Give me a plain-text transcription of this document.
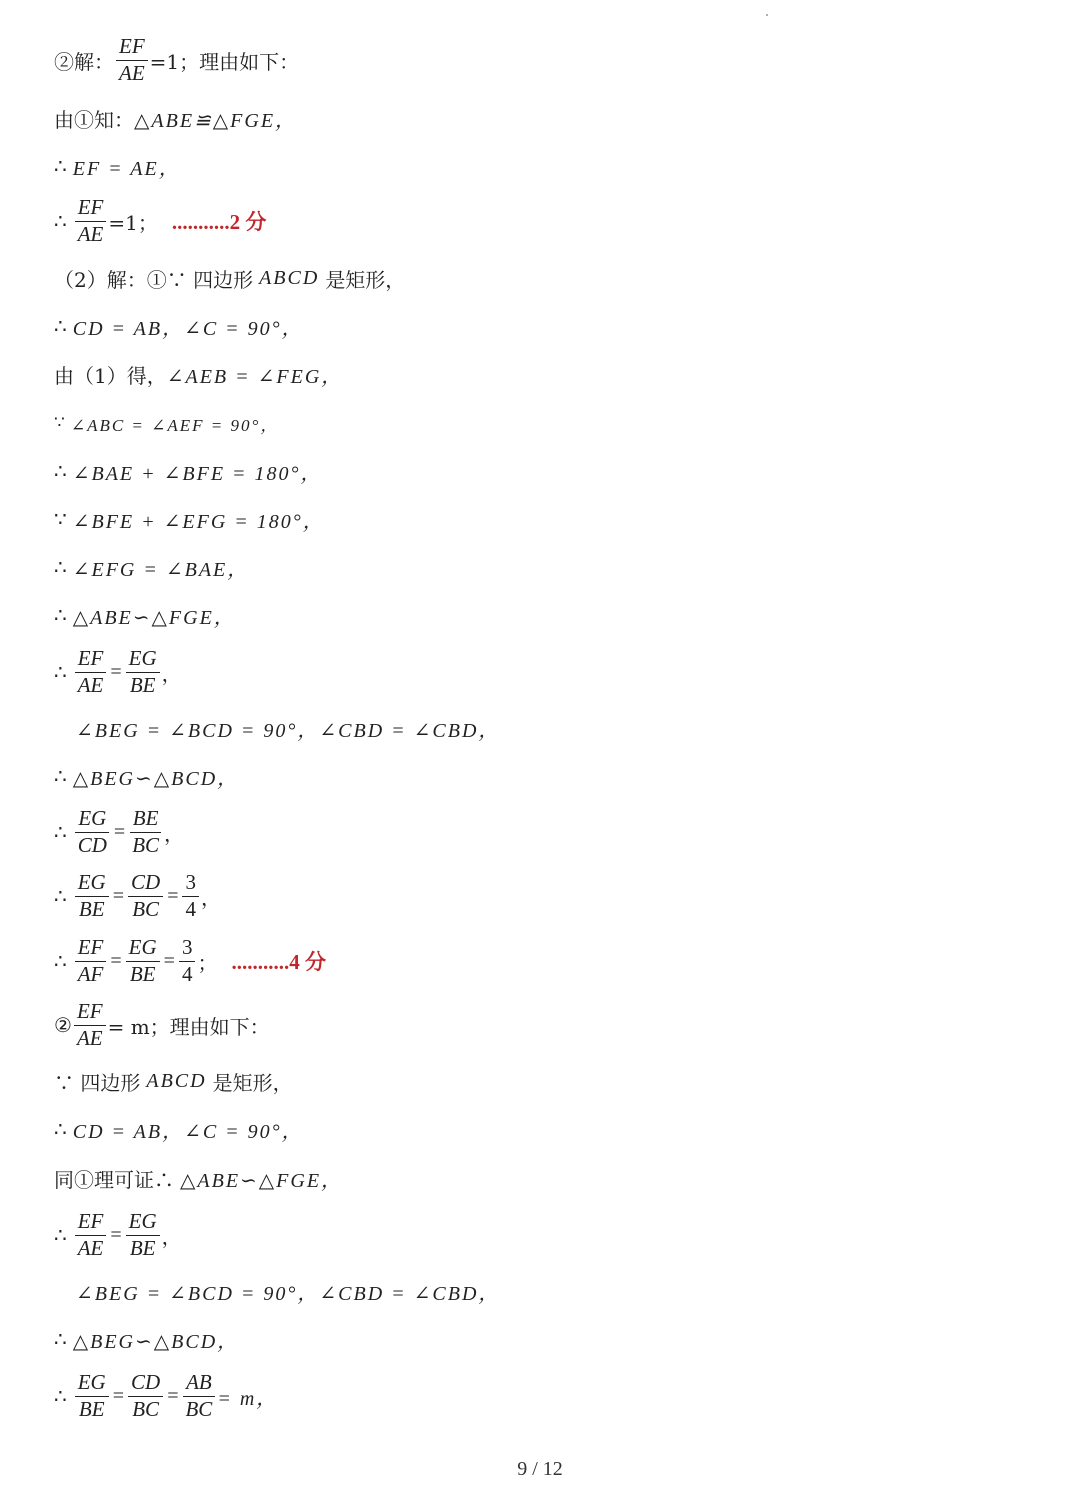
②解： $\frac{EF}{AE} =1$；理由如下：
由①知： △ABE≌△FGE，
∴ EF = AE，
∴ $\frac{EF}{AE} =1$； ...........2 分
（2）解：①∵ 四边形 ABCD 是矩形，
∴ CD = AB，∠C = 90°，
由（1）得， ∠AEB = ∠FEG，
∵ ∠ABC = ∠AEF = 90°，
∴ ∠BAE + ∠BFE = 180°，
∵ ∠BFE + ∠EFG = 180°，
∴ ∠EFG = ∠BAE，
∴ △ABE∽△FGE，
∴ $\frac{EF}{AE} = \frac{EG}{BE}$ ，
∠BEG = ∠BCD = 90°，∠CBD = ∠CBD，
∴ △BEG∽△BCD，
∴ $\frac{EG}{CD} = \frac{BE}{BC}$ ，
∴ $\frac{EG}{BE} = \frac{CD}{BC} = \frac{3}{4}$ ，
∴ $\frac{EF}{AF} = \frac{EG}{BE} = \frac{3}{4}$ ； ...........4 分
② $\frac{EF}{AE} = m$；理由如下：
∵ 四边形 ABCD 是矩形，
∴ CD = AB，∠C = 90°，
同①理可证∴ △ABE∽△FGE，
∴ $\frac{EF}{AE} = \frac{EG}{BE}$ ，
∠BEG = ∠BCD = 90°，∠CBD = ∠CBD，
∴ △BEG∽△BCD，
∴ $\frac{EG}{BE} = \frac{CD}{BC} = \frac{AB}{BC} = m$，
9 / 12
